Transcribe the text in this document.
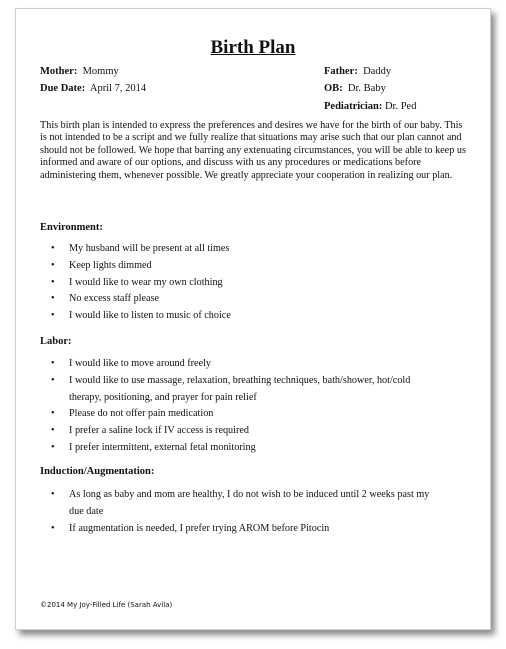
Birth Plan
Mother: Mommy
Due Date: April 7, 2014
Father: Daddy
OB: Dr. Baby
Pediatrician: Dr. Ped

This birth plan is intended to express the preferences and desires we have for the birth of our baby. This is not intended to be a script and we fully realize that situations may arise such that our plan cannot and should not be followed. We hope that barring any extenuating circumstances, you will be able to keep us informed and aware of our options, and discuss with us any procedures or medications before administering them, whenever possible. We greatly appreciate your cooperation in realizing our plan.

Environment:
• My husband will be present at all times
• Keep lights dimmed
• I would like to wear my own clothing
• No excess staff please
• I would like to listen to music of choice
Labor:
• I would like to move around freely
• I would like to use massage, relaxation, breathing techniques, bath/shower, hot/cold therapy, positioning, and prayer for pain relief
• Please do not offer pain medication
• I prefer a saline lock if IV access is required
• I prefer intermittent, external fetal monitoring
Induction/Augmentation:
• As long as baby and mom are healthy, I do not wish to be induced until 2 weeks past my due date
• If augmentation is needed, I prefer trying AROM before Pitocin
©2014 My Joy-Filled Life (Sarah Avila)
